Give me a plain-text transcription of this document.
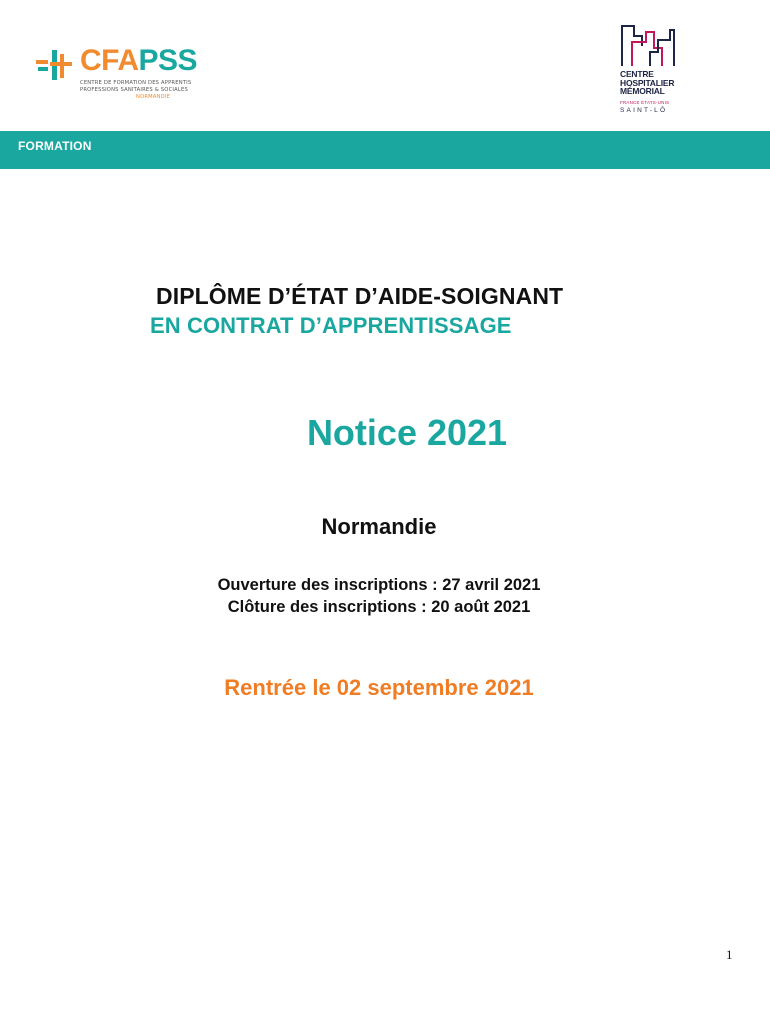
CFAPSS
CENTRE DE FORMATION DES APPRENTIS
PROFESSIONS SANITAIRES & SOCIALES
NORMANDIE
CENTRE
HOSPITALIER
MÉMORIAL
FRANCE ÉTATS-UNIS
SAINT-LÔ
FORMATION
DIPLÔME D’ÉTAT D’AIDE-SOIGNANT
EN CONTRAT D’APPRENTISSAGE
Notice 2021
Normandie
Ouverture des inscriptions : 27 avril 2021
Clôture des inscriptions : 20 août 2021
Rentrée le 02 septembre 2021
1
